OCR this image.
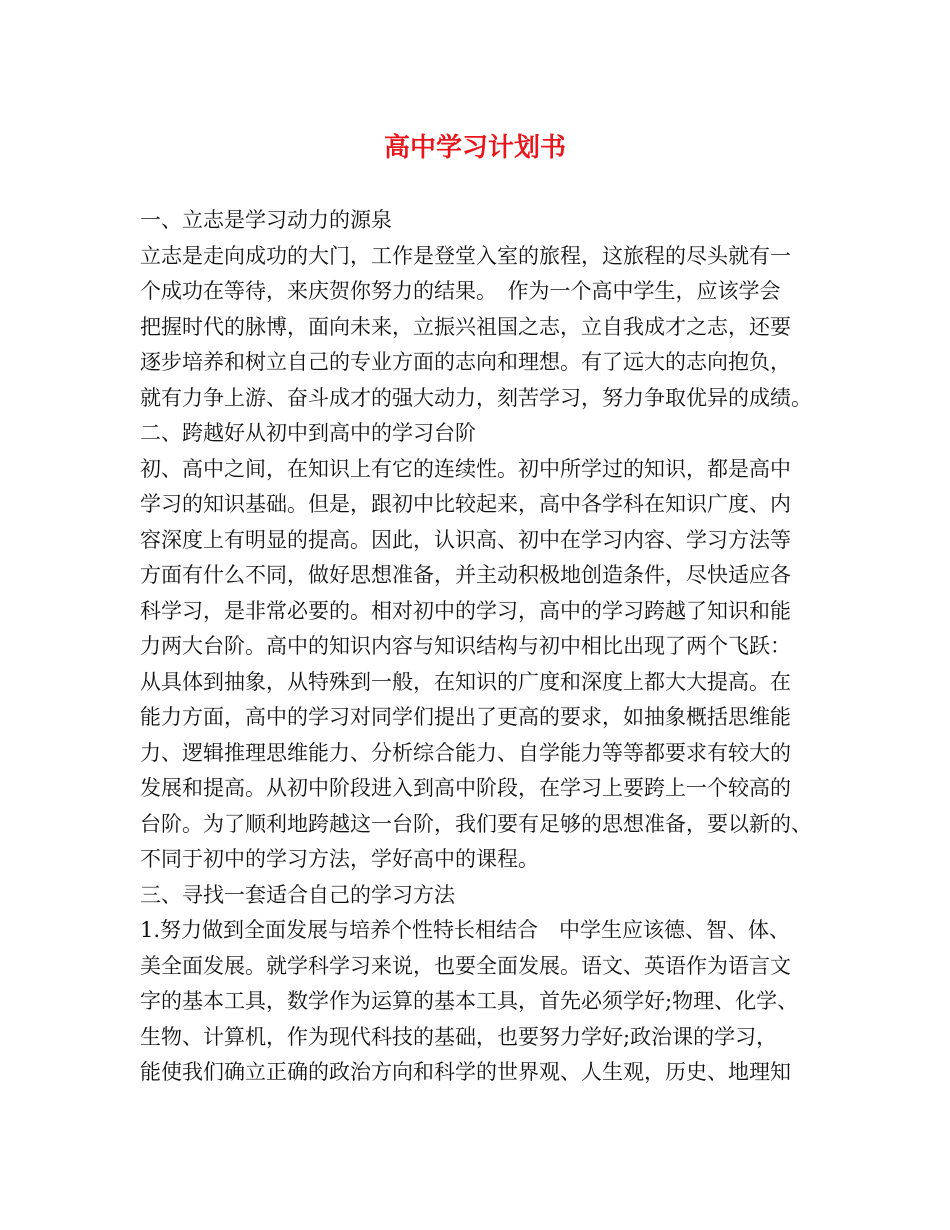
高中学习计划书
一、立志是学习动力的源泉
立志是走向成功的大门，工作是登堂入室的旅程，这旅程的尽头就有一
个成功在等待，来庆贺你努力的结果。　作为一个高中学生，应该学会
把握时代的脉博，面向未来，立振兴祖国之志，立自我成才之志，还要
逐步培养和树立自己的专业方面的志向和理想。有了远大的志向抱负，
就有力争上游、奋斗成才的强大动力，刻苦学习，努力争取优异的成绩。
二、跨越好从初中到高中的学习台阶
初、高中之间，在知识上有它的连续性。初中所学过的知识，都是高中
学习的知识基础。但是，跟初中比较起来，高中各学科在知识广度、内
容深度上有明显的提高。因此，认识高、初中在学习内容、学习方法等
方面有什么不同，做好思想准备，并主动积极地创造条件，尽快适应各
科学习，是非常必要的。相对初中的学习，高中的学习跨越了知识和能
力两大台阶。高中的知识内容与知识结构与初中相比出现了两个飞跃：
从具体到抽象，从特殊到一般，在知识的广度和深度上都大大提高。在
能力方面，高中的学习对同学们提出了更高的要求，如抽象概括思维能
力、逻辑推理思维能力、分析综合能力、自学能力等等都要求有较大的
发展和提高。从初中阶段进入到高中阶段，在学习上要跨上一个较高的
台阶。为了顺利地跨越这一台阶，我们要有足够的思想准备，要以新的、
不同于初中的学习方法，学好高中的课程。
三、寻找一套适合自己的学习方法
1.努力做到全面发展与培养个性特长相结合　中学生应该德、智、体、
美全面发展。就学科学习来说，也要全面发展。语文、英语作为语言文
字的基本工具，数学作为运算的基本工具，首先必须学好;物理、化学、
生物、计算机，作为现代科技的基础，也要努力学好;政治课的学习，
能使我们确立正确的政治方向和科学的世界观、人生观，历史、地理知
